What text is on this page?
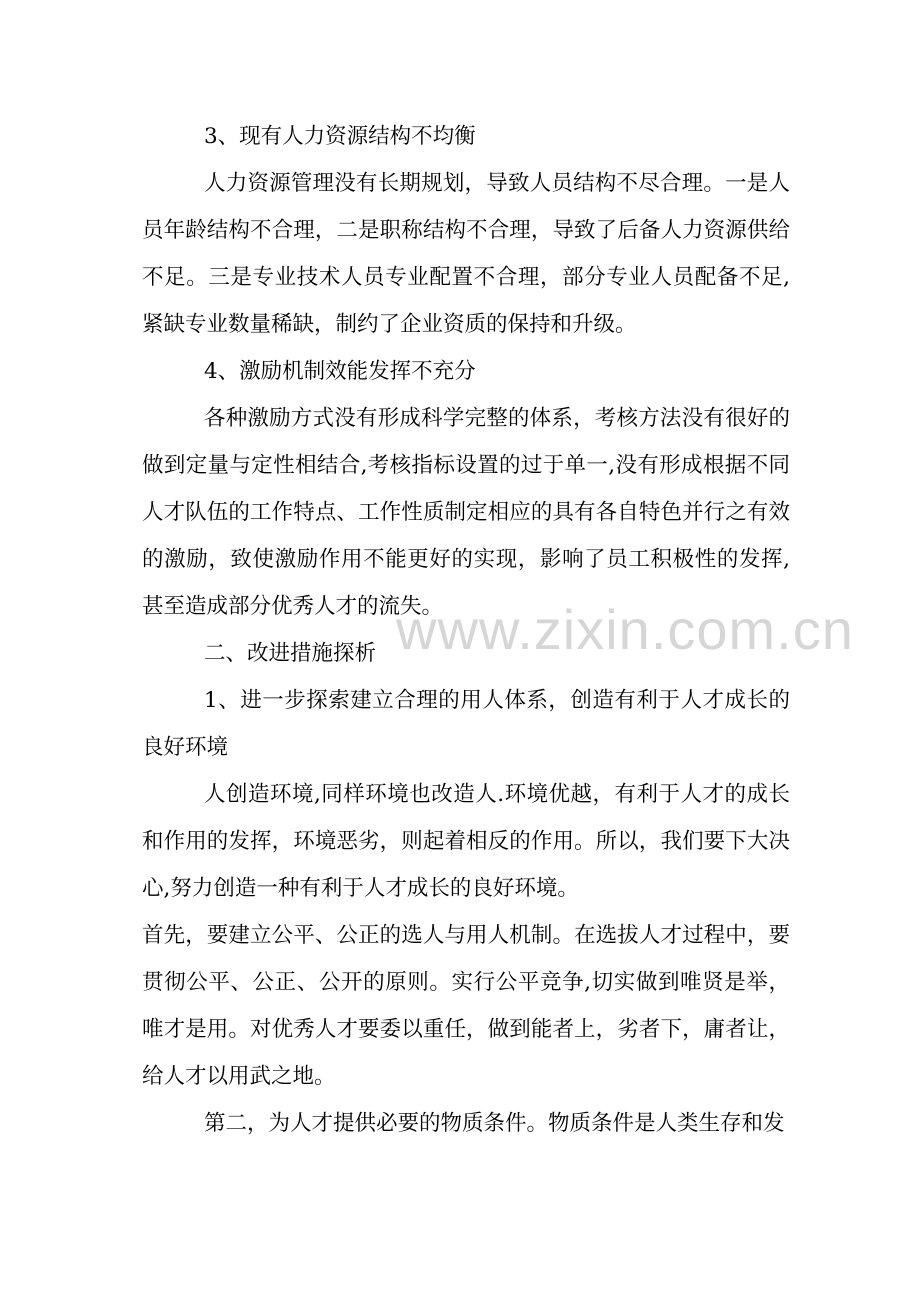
3、现有人力资源结构不均衡

人力资源管理没有长期规划，导致人员结构不尽合理。一是人员年龄结构不合理，二是职称结构不合理，导致了后备人力资源供给不足。三是专业技术人员专业配置不合理，部分专业人员配备不足,紧缺专业数量稀缺，制约了企业资质的保持和升级。

4、激励机制效能发挥不充分

各种激励方式没有形成科学完整的体系，考核方法没有很好的做到定量与定性相结合,考核指标设置的过于单一,没有形成根据不同人才队伍的工作特点、工作性质制定相应的具有各自特色并行之有效的激励，致使激励作用不能更好的实现，影响了员工积极性的发挥,甚至造成部分优秀人才的流失。

二、改进措施探析

1、进一步探索建立合理的用人体系，创造有利于人才成长的良好环境

人创造环境,同样环境也改造人.环境优越，有利于人才的成长和作用的发挥，环境恶劣，则起着相反的作用。所以，我们要下大决心,努力创造一种有利于人才成长的良好环境。

首先，要建立公平、公正的选人与用人机制。在选拔人才过程中，要贯彻公平、公正、公开的原则。实行公平竞争,切实做到唯贤是举，唯才是用。对优秀人才要委以重任，做到能者上，劣者下，庸者让，给人才以用武之地。

第二，为人才提供必要的物质条件。物质条件是人类生存和发

www.zixin.com.cn
